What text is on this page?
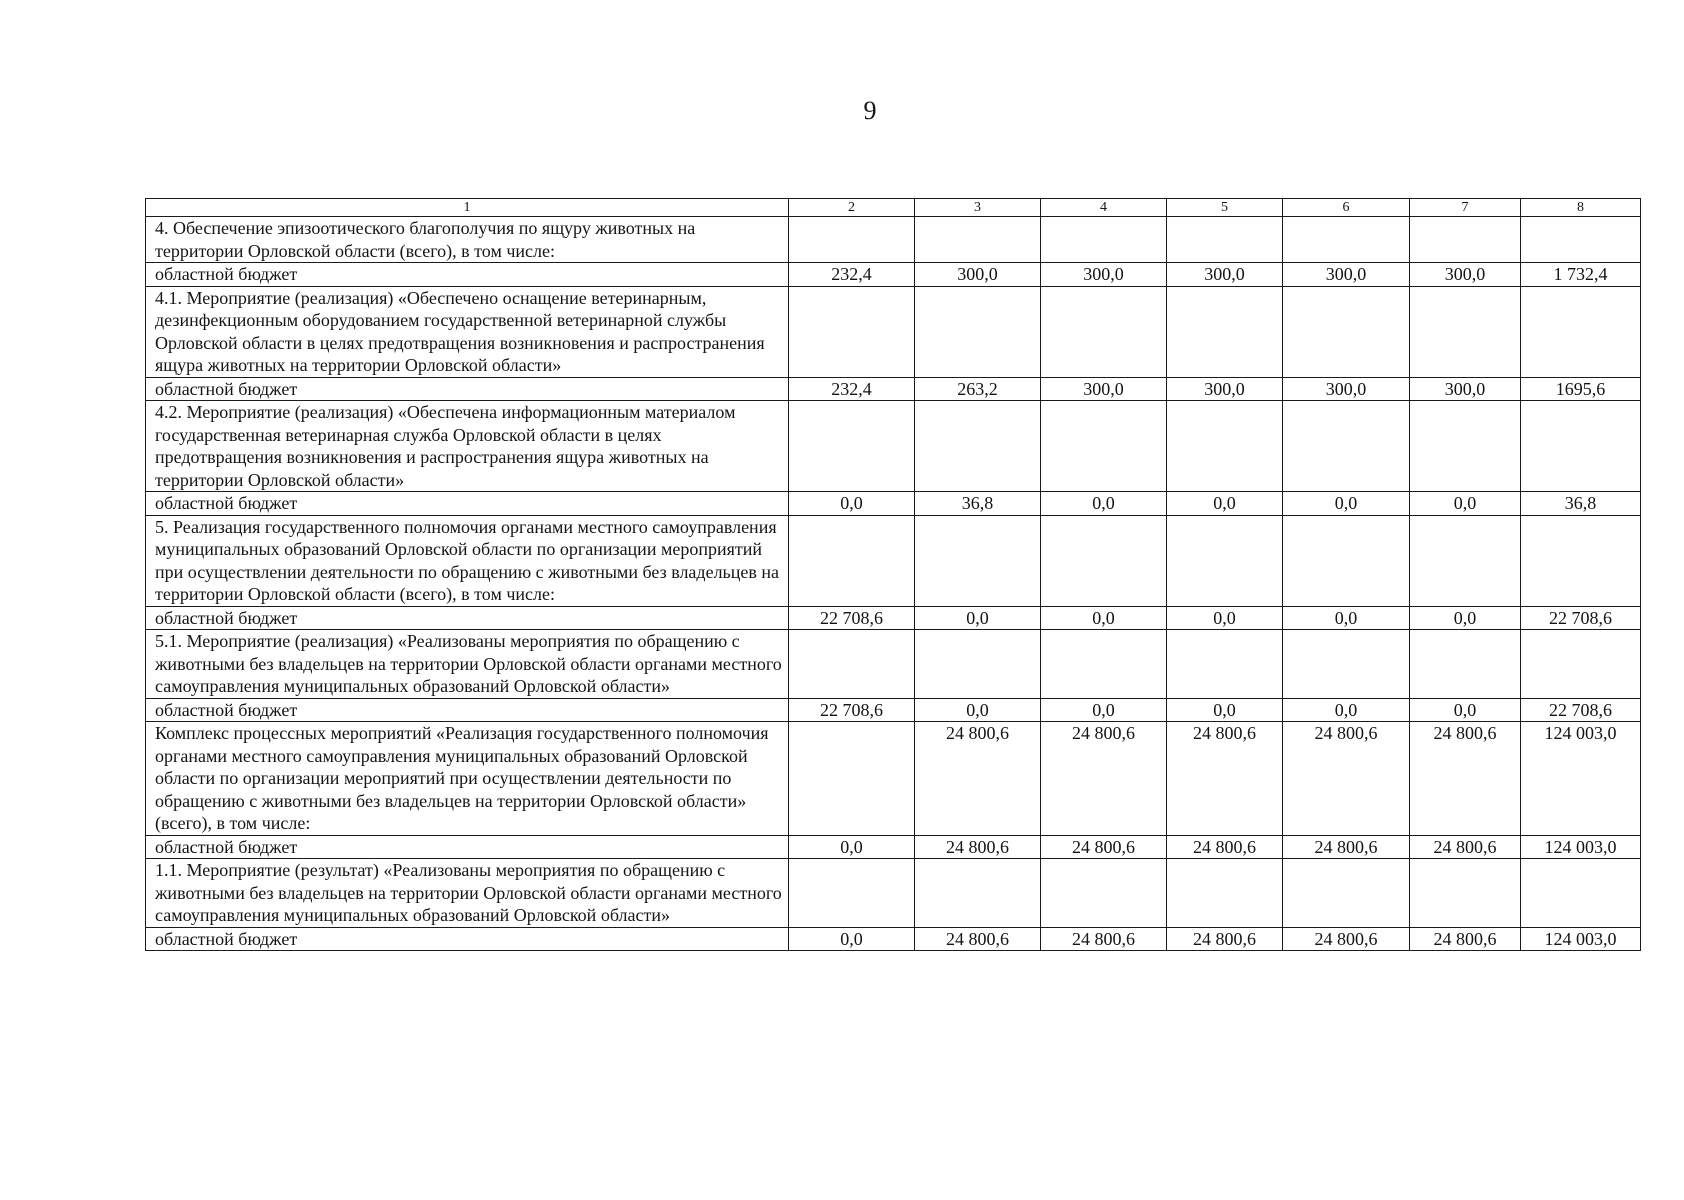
9
1	2	3	4	5	6	7	8
4. Обеспечение эпизоотического благополучия по ящуру животных на территории Орловской области (всего), в том числе:							
областной бюджет	232,4	300,0	300,0	300,0	300,0	300,0	1 732,4
4.1. Мероприятие (реализация) «Обеспечено оснащение ветеринарным, дезинфекционным оборудованием государственной ветеринарной службы Орловской области в целях предотвращения возникновения и распространения ящура животных на территории Орловской области»							
областной бюджет	232,4	263,2	300,0	300,0	300,0	300,0	1695,6
4.2. Мероприятие (реализация) «Обеспечена информационным материалом государственная ветеринарная служба Орловской области в целях предотвращения возникновения и распространения ящура животных на территории Орловской области»							
областной бюджет	0,0	36,8	0,0	0,0	0,0	0,0	36,8
5. Реализация государственного полномочия органами местного самоуправления муниципальных образований Орловской области по организации мероприятий при осуществлении деятельности по обращению с животными без владельцев на территории Орловской области (всего), в том числе:							
областной бюджет	22 708,6	0,0	0,0	0,0	0,0	0,0	22 708,6
5.1. Мероприятие (реализация) «Реализованы мероприятия по обращению с животными без владельцев на территории Орловской области органами местного самоуправления муниципальных образований Орловской области»							
областной бюджет	22 708,6	0,0	0,0	0,0	0,0	0,0	22 708,6
Комплекс процессных мероприятий «Реализация государственного полномочия органами местного самоуправления муниципальных образований Орловской области по организации мероприятий при осуществлении деятельности по обращению с животными без владельцев на территории Орловской области» (всего), в том числе:		24 800,6	24 800,6	24 800,6	24 800,6	24 800,6	124 003,0
областной бюджет	0,0	24 800,6	24 800,6	24 800,6	24 800,6	24 800,6	124 003,0
1.1. Мероприятие (результат) «Реализованы мероприятия по обращению с животными без владельцев на территории Орловской области органами местного самоуправления муниципальных образований Орловской области»							
областной бюджет	0,0	24 800,6	24 800,6	24 800,6	24 800,6	24 800,6	124 003,0
